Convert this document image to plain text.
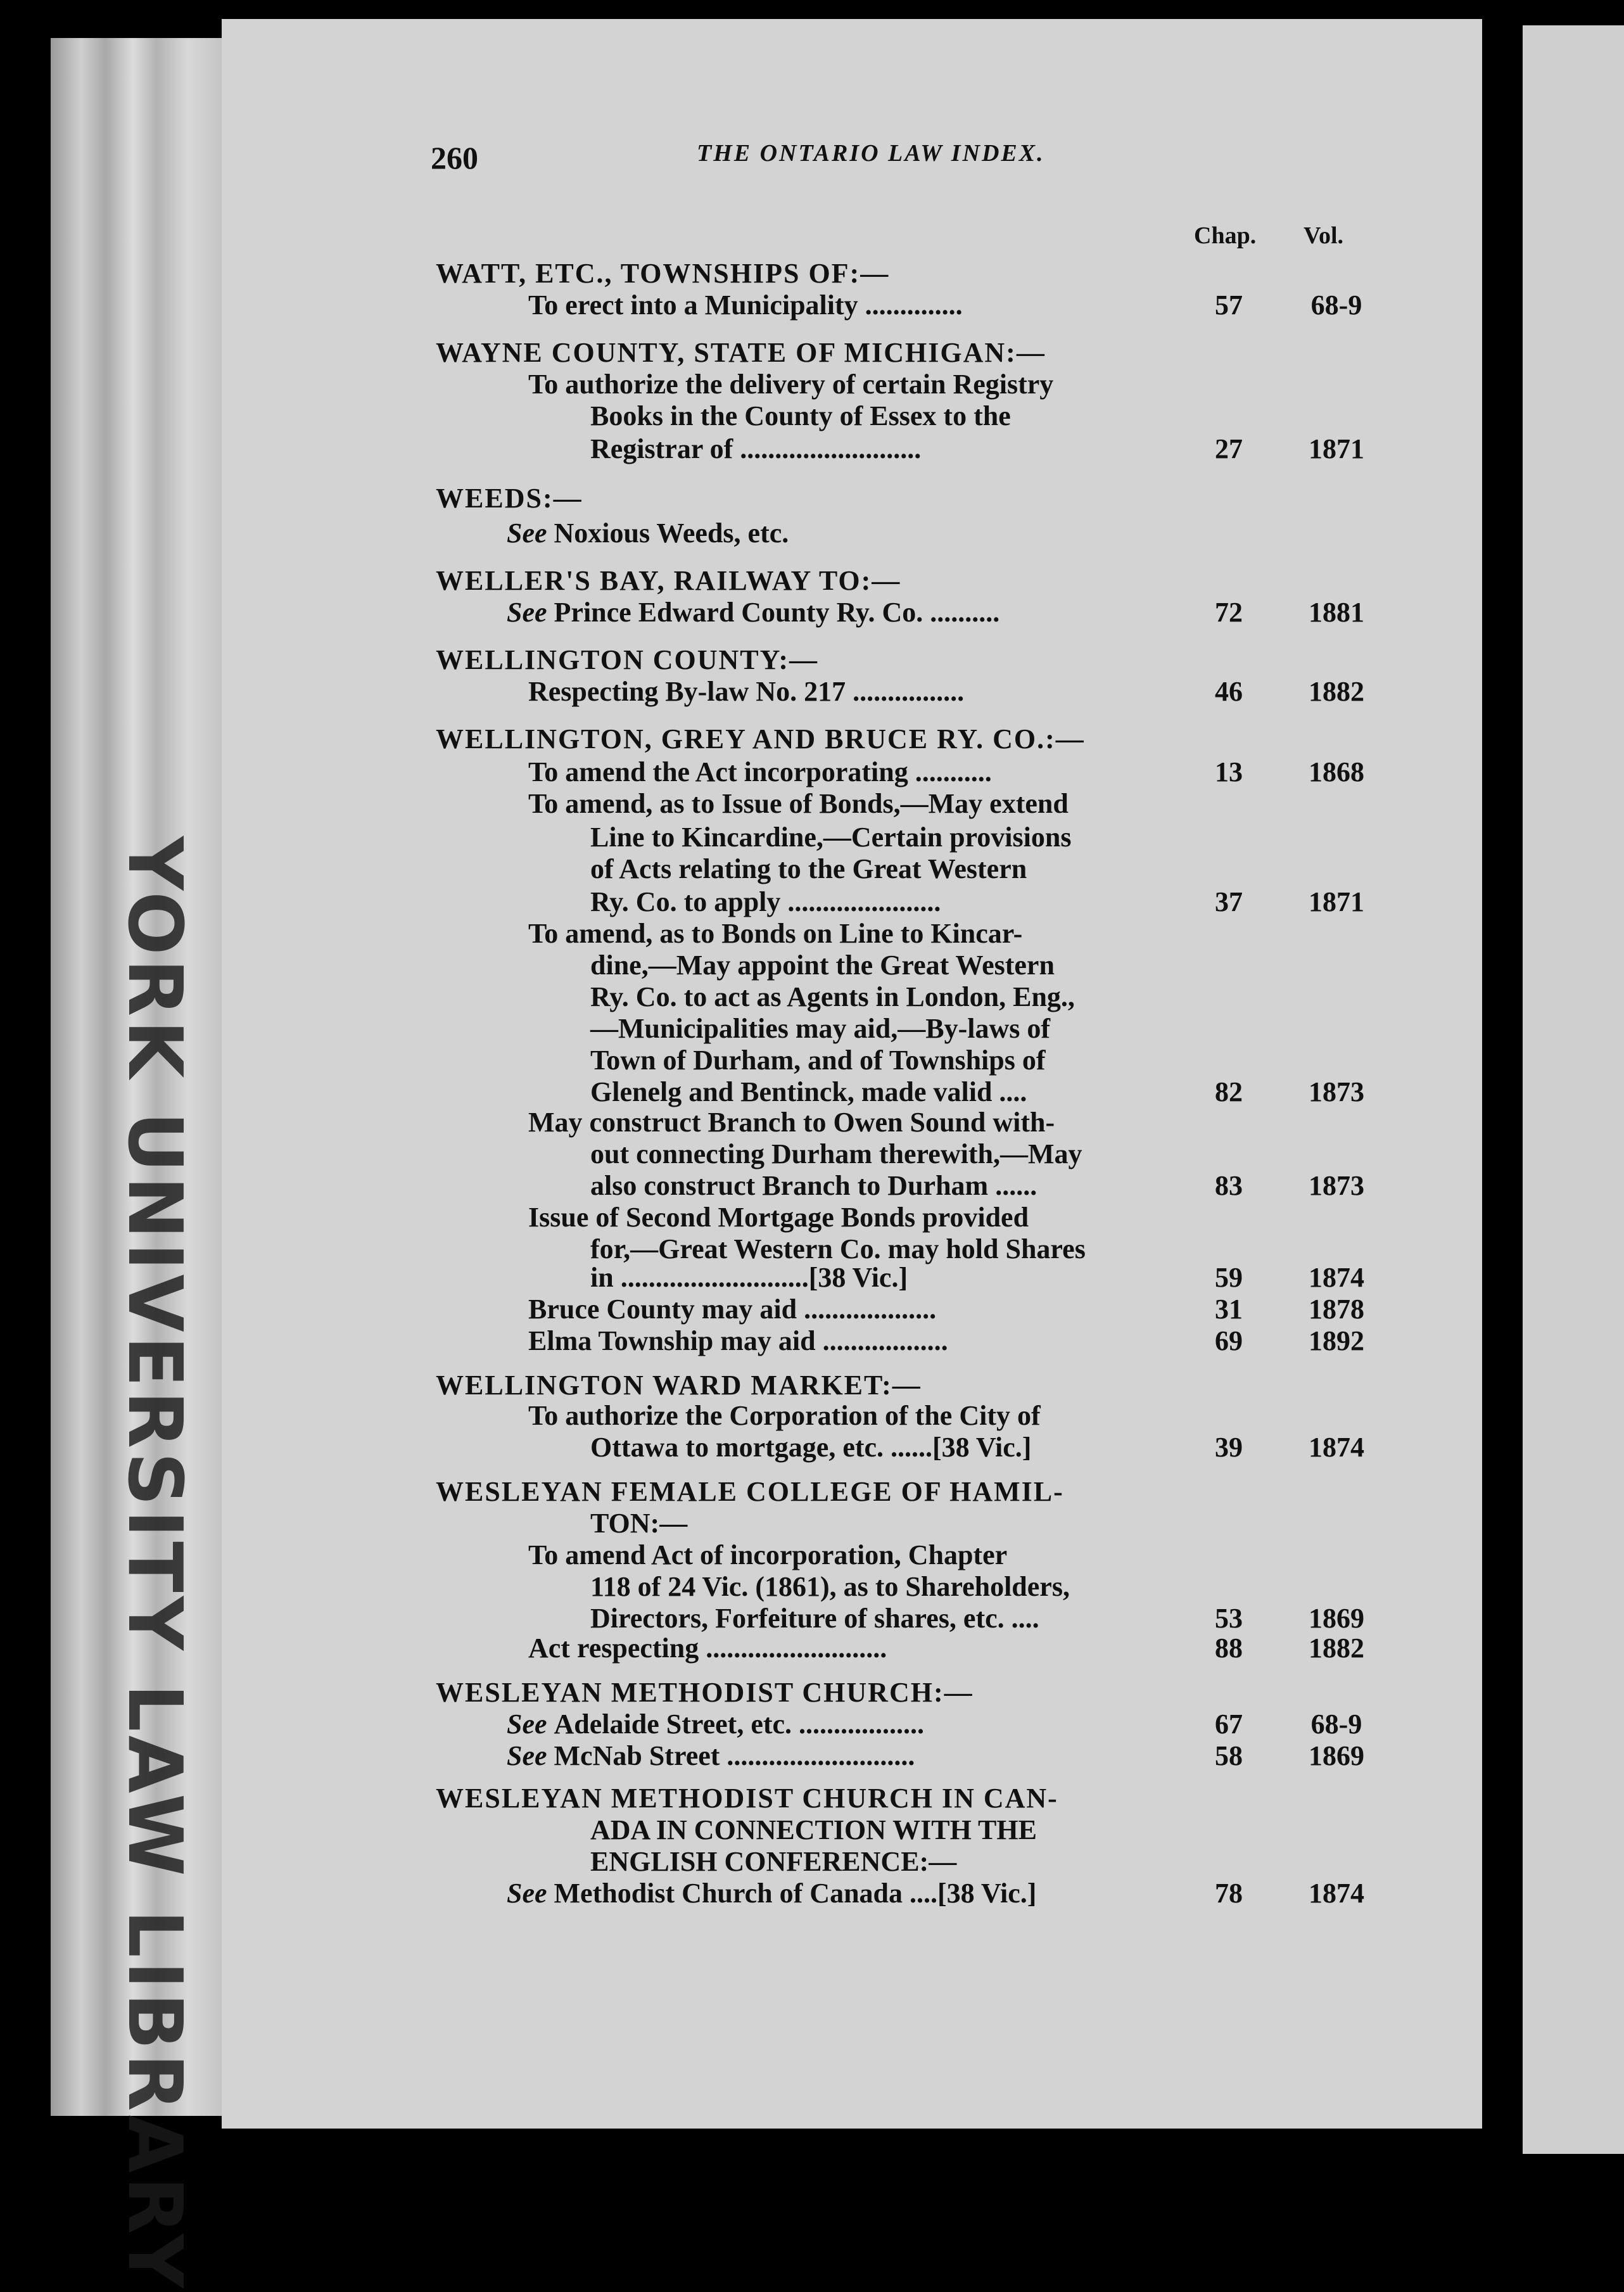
YORK UNIVERSITY LAW LIBRARY
260	THE ONTARIO LAW INDEX.
Chap. Vol.
WATT, ETC., TOWNSHIPS OF:—
To erect into a Municipality ..............	57	68-9
WAYNE COUNTY, STATE OF MICHIGAN:—
To authorize the delivery of certain Registry
Books in the County of Essex to the
Registrar of ..........................	27	1871
WEEDS:—
See Noxious Weeds, etc.
WELLER'S BAY, RAILWAY TO:—
See Prince Edward County Ry. Co. ..........	72	1881
WELLINGTON COUNTY:—
Respecting By-law No. 217 ................	46	1882
WELLINGTON, GREY AND BRUCE RY. CO.:—
To amend the Act incorporating ...........	13	1868
To amend, as to Issue of Bonds,—May extend
Line to Kincardine,—Certain provisions
of Acts relating to the Great Western
Ry. Co. to apply ......................	37	1871
To amend, as to Bonds on Line to Kincar-
dine,—May appoint the Great Western
Ry. Co. to act as Agents in London, Eng.,
—Municipalities may aid,—By-laws of
Town of Durham, and of Townships of
Glenelg and Bentinck, made valid ....	82	1873
May construct Branch to Owen Sound with-
out connecting Durham therewith,—May
also construct Branch to Durham ......	83	1873
Issue of Second Mortgage Bonds provided
for,—Great Western Co. may hold Shares
in ...........................[38 Vic.]	59	1874
Bruce County may aid ...................	31	1878
Elma Township may aid ..................	69	1892
WELLINGTON WARD MARKET:—
To authorize the Corporation of the City of
Ottawa to mortgage, etc. ......[38 Vic.]	39	1874
WESLEYAN FEMALE COLLEGE OF HAMIL-
TON:—
To amend Act of incorporation, Chapter
118 of 24 Vic. (1861), as to Shareholders,
Directors, Forfeiture of shares, etc. ....	53	1869
Act respecting ..........................	88	1882
WESLEYAN METHODIST CHURCH:—
See Adelaide Street, etc. ..................	67	68-9
See McNab Street ...........................	58	1869
WESLEYAN METHODIST CHURCH IN CAN-
ADA IN CONNECTION WITH THE
ENGLISH CONFERENCE:—
See Methodist Church of Canada ....[38 Vic.]	78	1874
